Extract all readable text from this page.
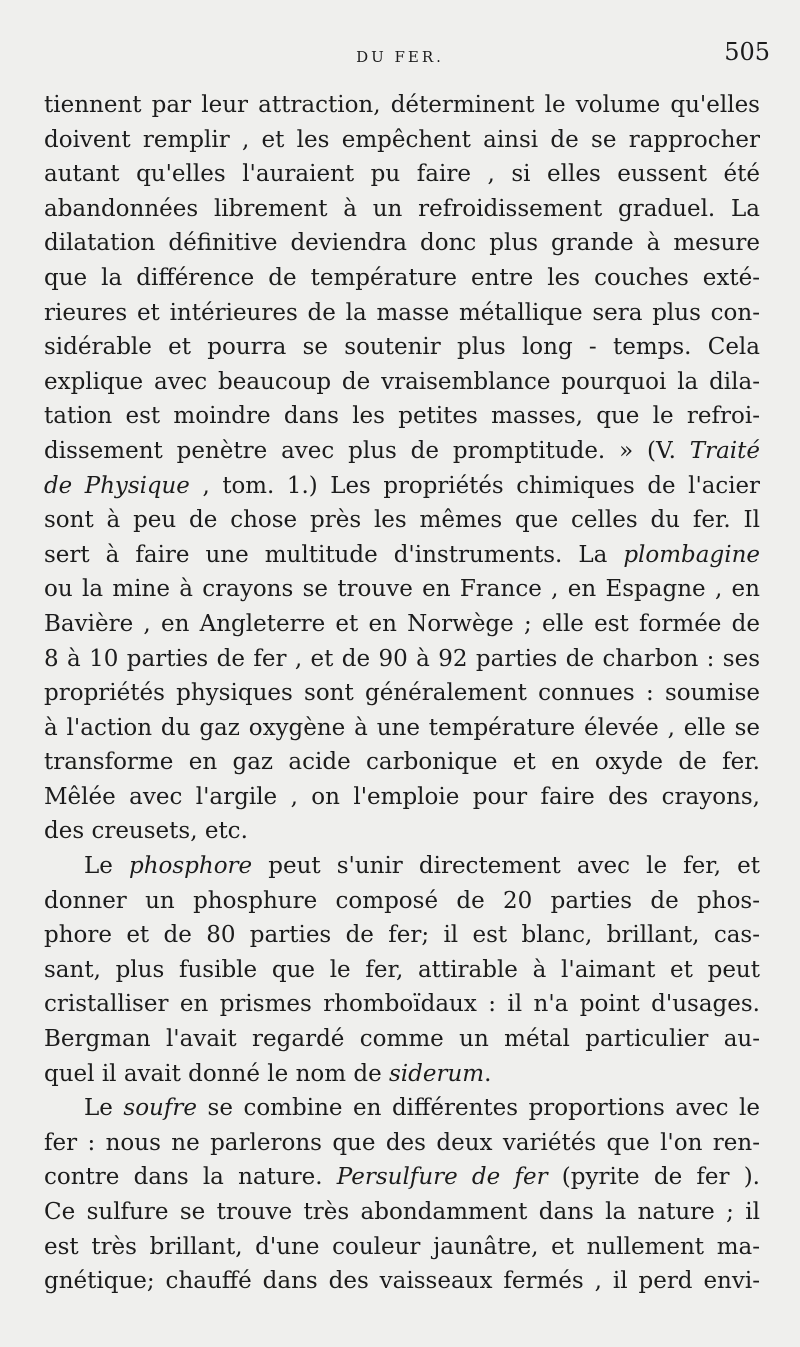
DU FER.	505
tiennent par leur attraction, déterminent le volume qu'elles
doivent remplir , et les empêchent ainsi de se rapprocher
autant qu'elles l'auraient pu faire , si elles eussent été
abandonnées librement à un refroidissement graduel. La
dilatation définitive deviendra donc plus grande à mesure
que la différence de température entre les couches exté-
rieures et intérieures de la masse métallique sera plus con-
sidérable et pourra se soutenir plus long - temps. Cela
explique avec beaucoup de vraisemblance pourquoi la dila-
tation est moindre dans les petites masses, que le refroi-
dissement penètre avec plus de promptitude. » (V. Traité
de Physique , tom. 1.) Les propriétés chimiques de l'acier
sont à peu de chose près les mêmes que celles du fer. Il
sert à faire une multitude d'instruments. La plombagine
ou la mine à crayons se trouve en France , en Espagne , en
Bavière , en Angleterre et en Norwège ; elle est formée de
8 à 10 parties de fer , et de 90 à 92 parties de charbon : ses
propriétés physiques sont généralement connues : soumise
à l'action du gaz oxygène à une température élevée , elle se
transforme en gaz acide carbonique et en oxyde de fer.
Mêlée avec l'argile , on l'emploie pour faire des crayons,
des creusets, etc.
Le phosphore peut s'unir directement avec le fer, et
donner un phosphure composé de 20 parties de phos-
phore et de 80 parties de fer; il est blanc, brillant, cas-
sant, plus fusible que le fer, attirable à l'aimant et peut
cristalliser en prismes rhomboïdaux : il n'a point d'usages.
Bergman l'avait regardé comme un métal particulier au-
quel il avait donné le nom de siderum.
Le soufre se combine en différentes proportions avec le
fer : nous ne parlerons que des deux variétés que l'on ren-
contre dans la nature. Persulfure de fer (pyrite de fer ).
Ce sulfure se trouve très abondamment dans la nature ; il
est très brillant, d'une couleur jaunâtre, et nullement ma-
gnétique; chauffé dans des vaisseaux fermés , il perd envi-
